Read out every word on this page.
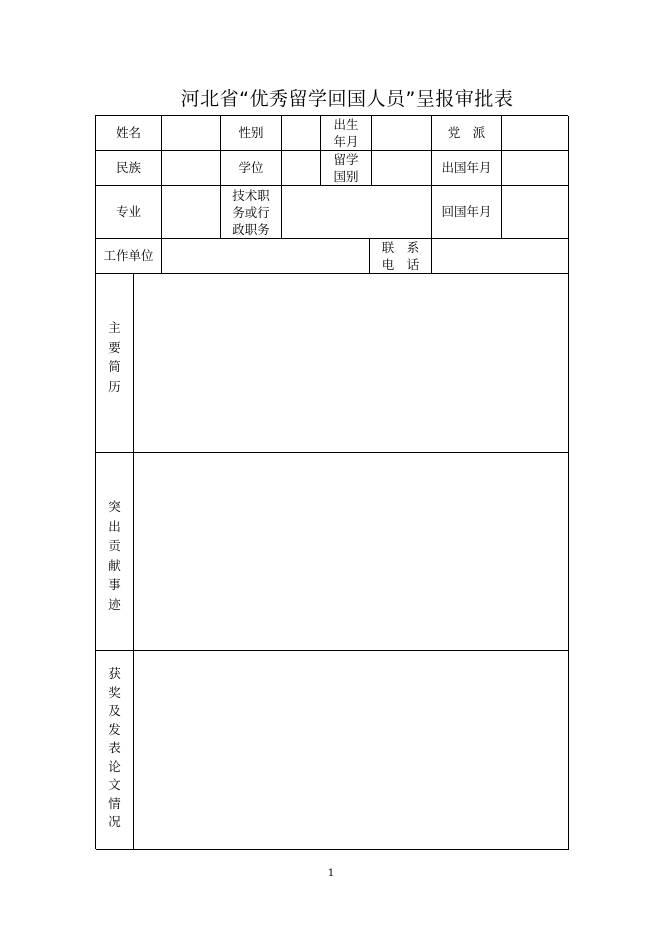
河北省“优秀留学回国人员”呈报审批表
姓名	性别
出生
年月
党　派
民族	学位
留学
国别
出国年月
专业
技术职
务或行
政职务
回国年月
工作单位
联　系
电　话
主
要
简
历
突
出
贡
献
事
迹
获
奖
及
发
表
论
文
情
况
1
